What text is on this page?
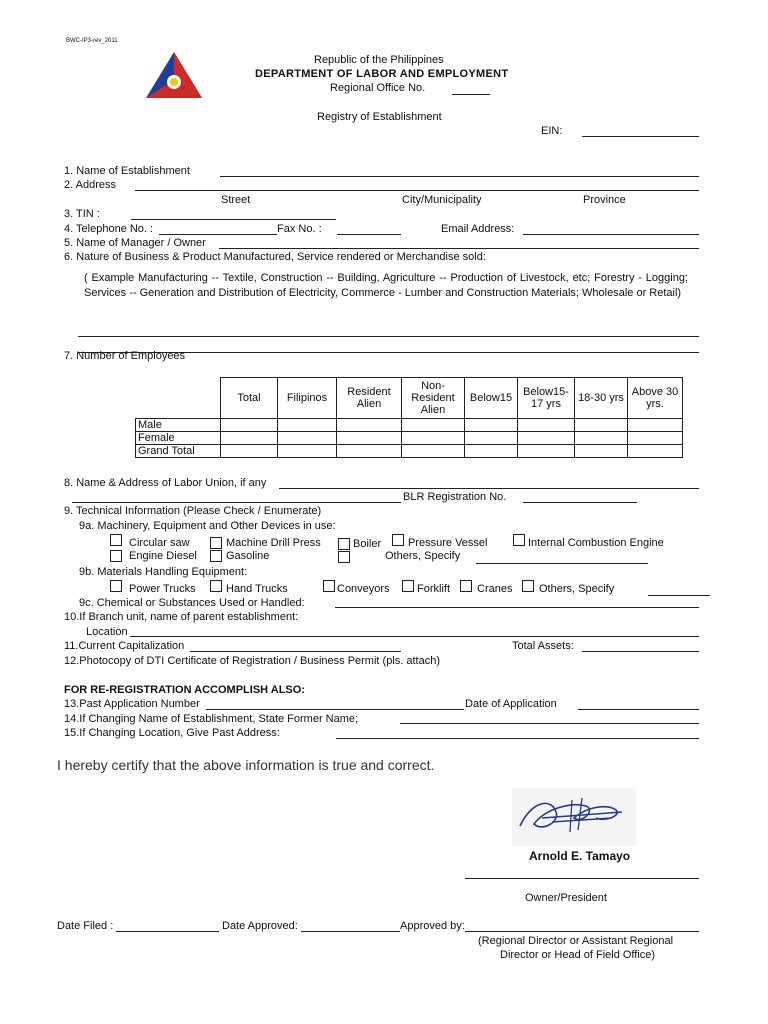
BWC-IP3-rev_2011
Republic of the Philippines
DEPARTMENT OF LABOR AND EMPLOYMENT
Regional Office No.
Registry of Establishment
EIN:
1. Name of Establishment
2. Address
Street	City/Municipality	Province
3. TIN :
4. Telephone No. :	Fax No. :	Email Address:
5. Name of Manager / Owner
6. Nature of Business & Product Manufactured, Service rendered or Merchandise sold:
( Example Manufacturing -- Textile, Construction -- Building, Agriculture -- Production of Livestock, etc; Forestry - Logging; Services -- Generation and Distribution of Electricity, Commerce - Lumber and Construction Materials; Wholesale or Retail)
7. Number of Employees
	Total	Filipinos	Resident Alien	Non-Resident Alien	Below15	Below15-17 yrs	18-30 yrs	Above 30 yrs.
Male								
Female								
Grand Total								
8. Name & Address of Labor Union, if any
BLR Registration No.
9. Technical Information (Please Check / Enumerate)
9a. Machinery, Equipment and Other Devices in use:
Circular saw	Machine Drill Press	Boiler Pressure Vessel	Internal Combustion Engine
Engine Diesel	Gasoline	Others, Specify
9b. Materials Handling Equipment:
Power Trucks	Hand Trucks	Conveyors Forklift Cranes Others, Specify
9c. Chemical or Substances Used or Handled:
10.If Branch unit, name of parent establishment:
Location
11.Current Capitalization	Total Assets:
12.Photocopy of DTI Certificate of Registration / Business Permit (pls. attach)
FOR RE-REGISTRATION ACCOMPLISH ALSO:
13.Past Application Number	Date of Application
14.If Changing Name of Establishment, State Former Name;
15.If Changing Location, Give Past Address:
I hereby certify that the above information is true and correct.
Arnold E. Tamayo
Owner/President
Date Filed :	Date Approved:	Approved by:
(Regional Director or Assistant Regional
Director or Head of Field Office)
